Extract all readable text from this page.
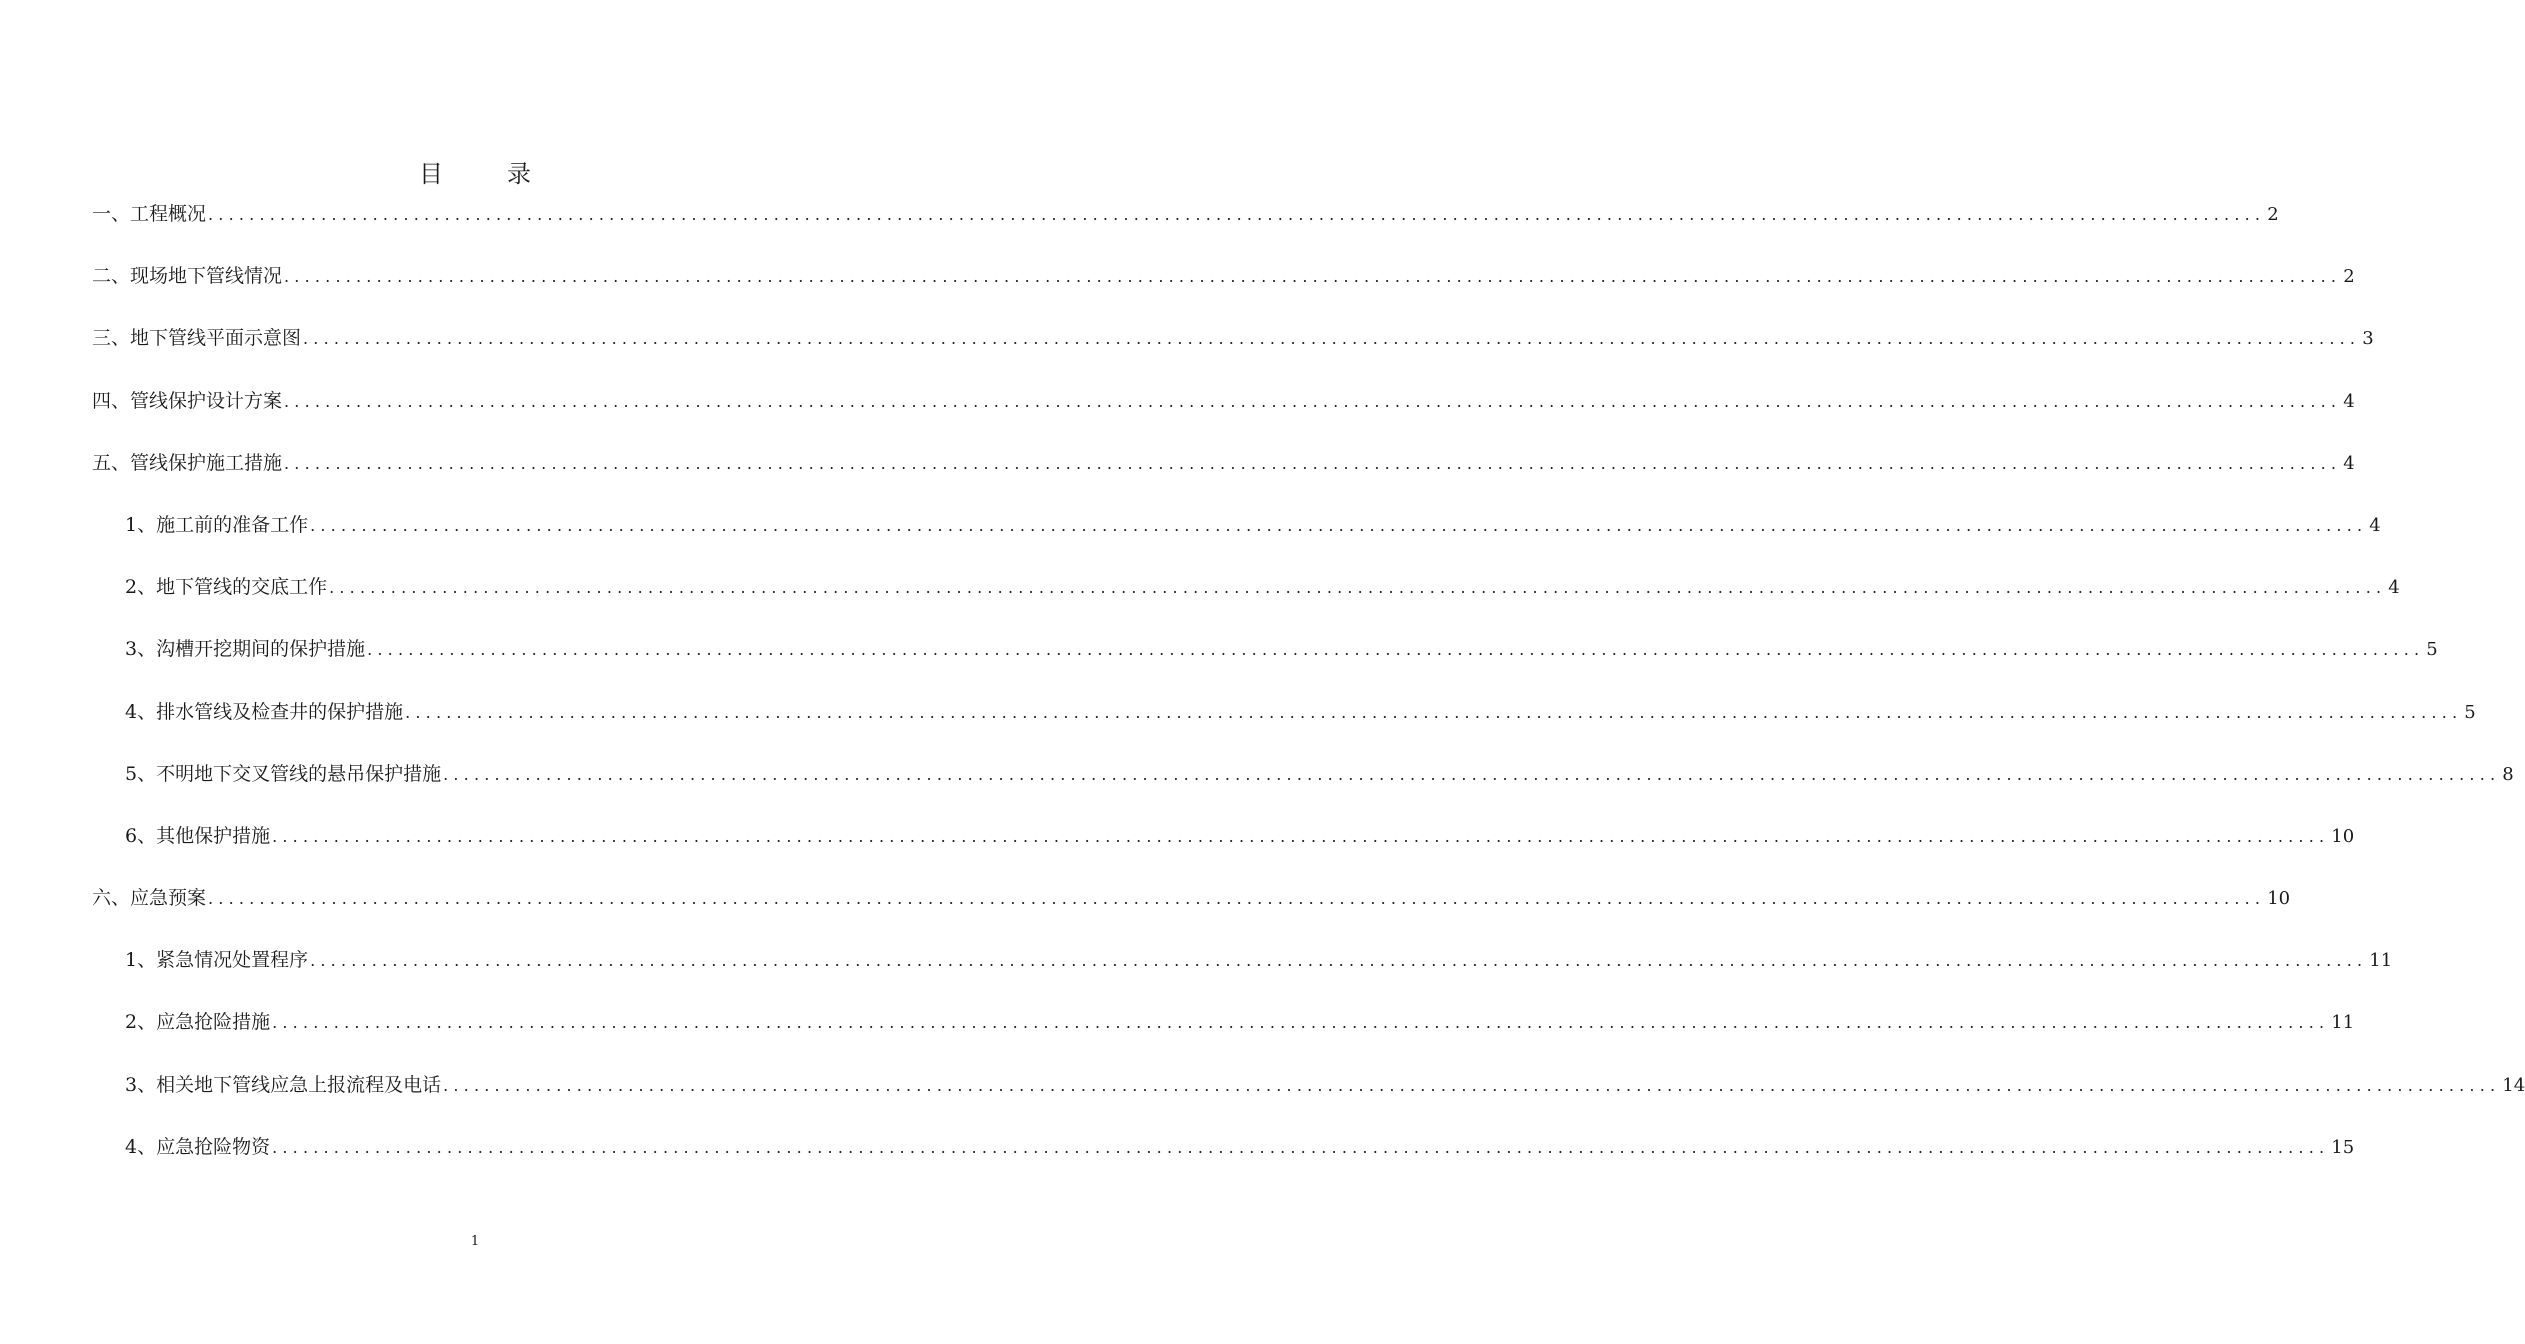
目　录
一、工程概况 ........................................................................................................................................................................................................ 2
二、现场地下管线情况 ........................................................................................................................................................................................................ 2
三、地下管线平面示意图 ........................................................................................................................................................................................................ 3
四、管线保护设计方案 ........................................................................................................................................................................................................ 4
五、管线保护施工措施 ........................................................................................................................................................................................................ 4
1、施工前的准备工作 ........................................................................................................................................................................................................ 4
2、地下管线的交底工作 ........................................................................................................................................................................................................ 4
3、沟槽开挖期间的保护措施 ........................................................................................................................................................................................................ 5
4、排水管线及检查井的保护措施 ........................................................................................................................................................................................................ 5
5、不明地下交叉管线的悬吊保护措施 ........................................................................................................................................................................................................ 8
6、其他保护措施 ........................................................................................................................................................................................................ 10
六、应急预案 ........................................................................................................................................................................................................ 10
1、紧急情况处置程序 ........................................................................................................................................................................................................ 11
2、应急抢险措施 ........................................................................................................................................................................................................ 11
3、相关地下管线应急上报流程及电话 ........................................................................................................................................................................................................ 14
4、应急抢险物资 ........................................................................................................................................................................................................ 15
1
